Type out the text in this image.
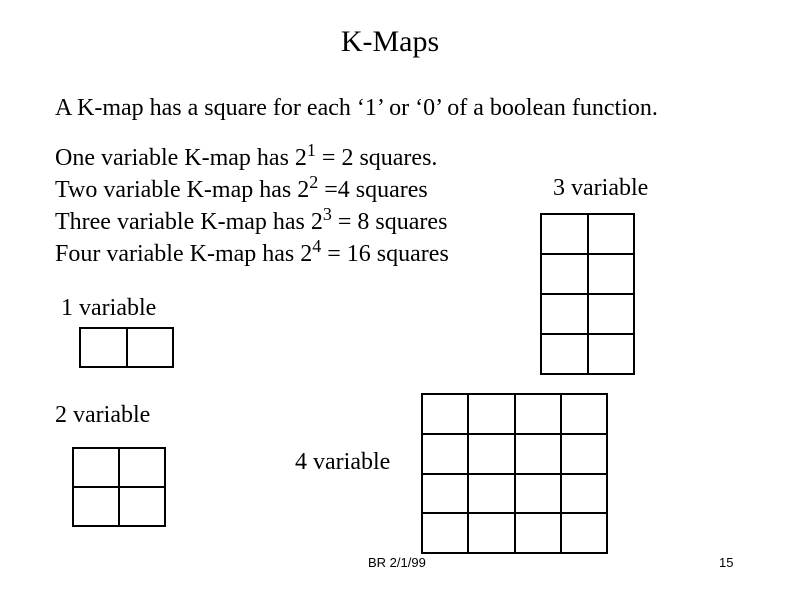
K-Maps
A K-map has a square for each ‘1’ or ‘0’ of a boolean function.
One variable K-map has $2^1 = 2$ squares.
Two variable K-map has $2^2 =4$ squares
Three variable K-map has $2^3 = 8$ squares
Four variable K-map has $2^4 = 16$ squares
3 variable
1 variable
2 variable
4 variable
BR 2/1/99	15
